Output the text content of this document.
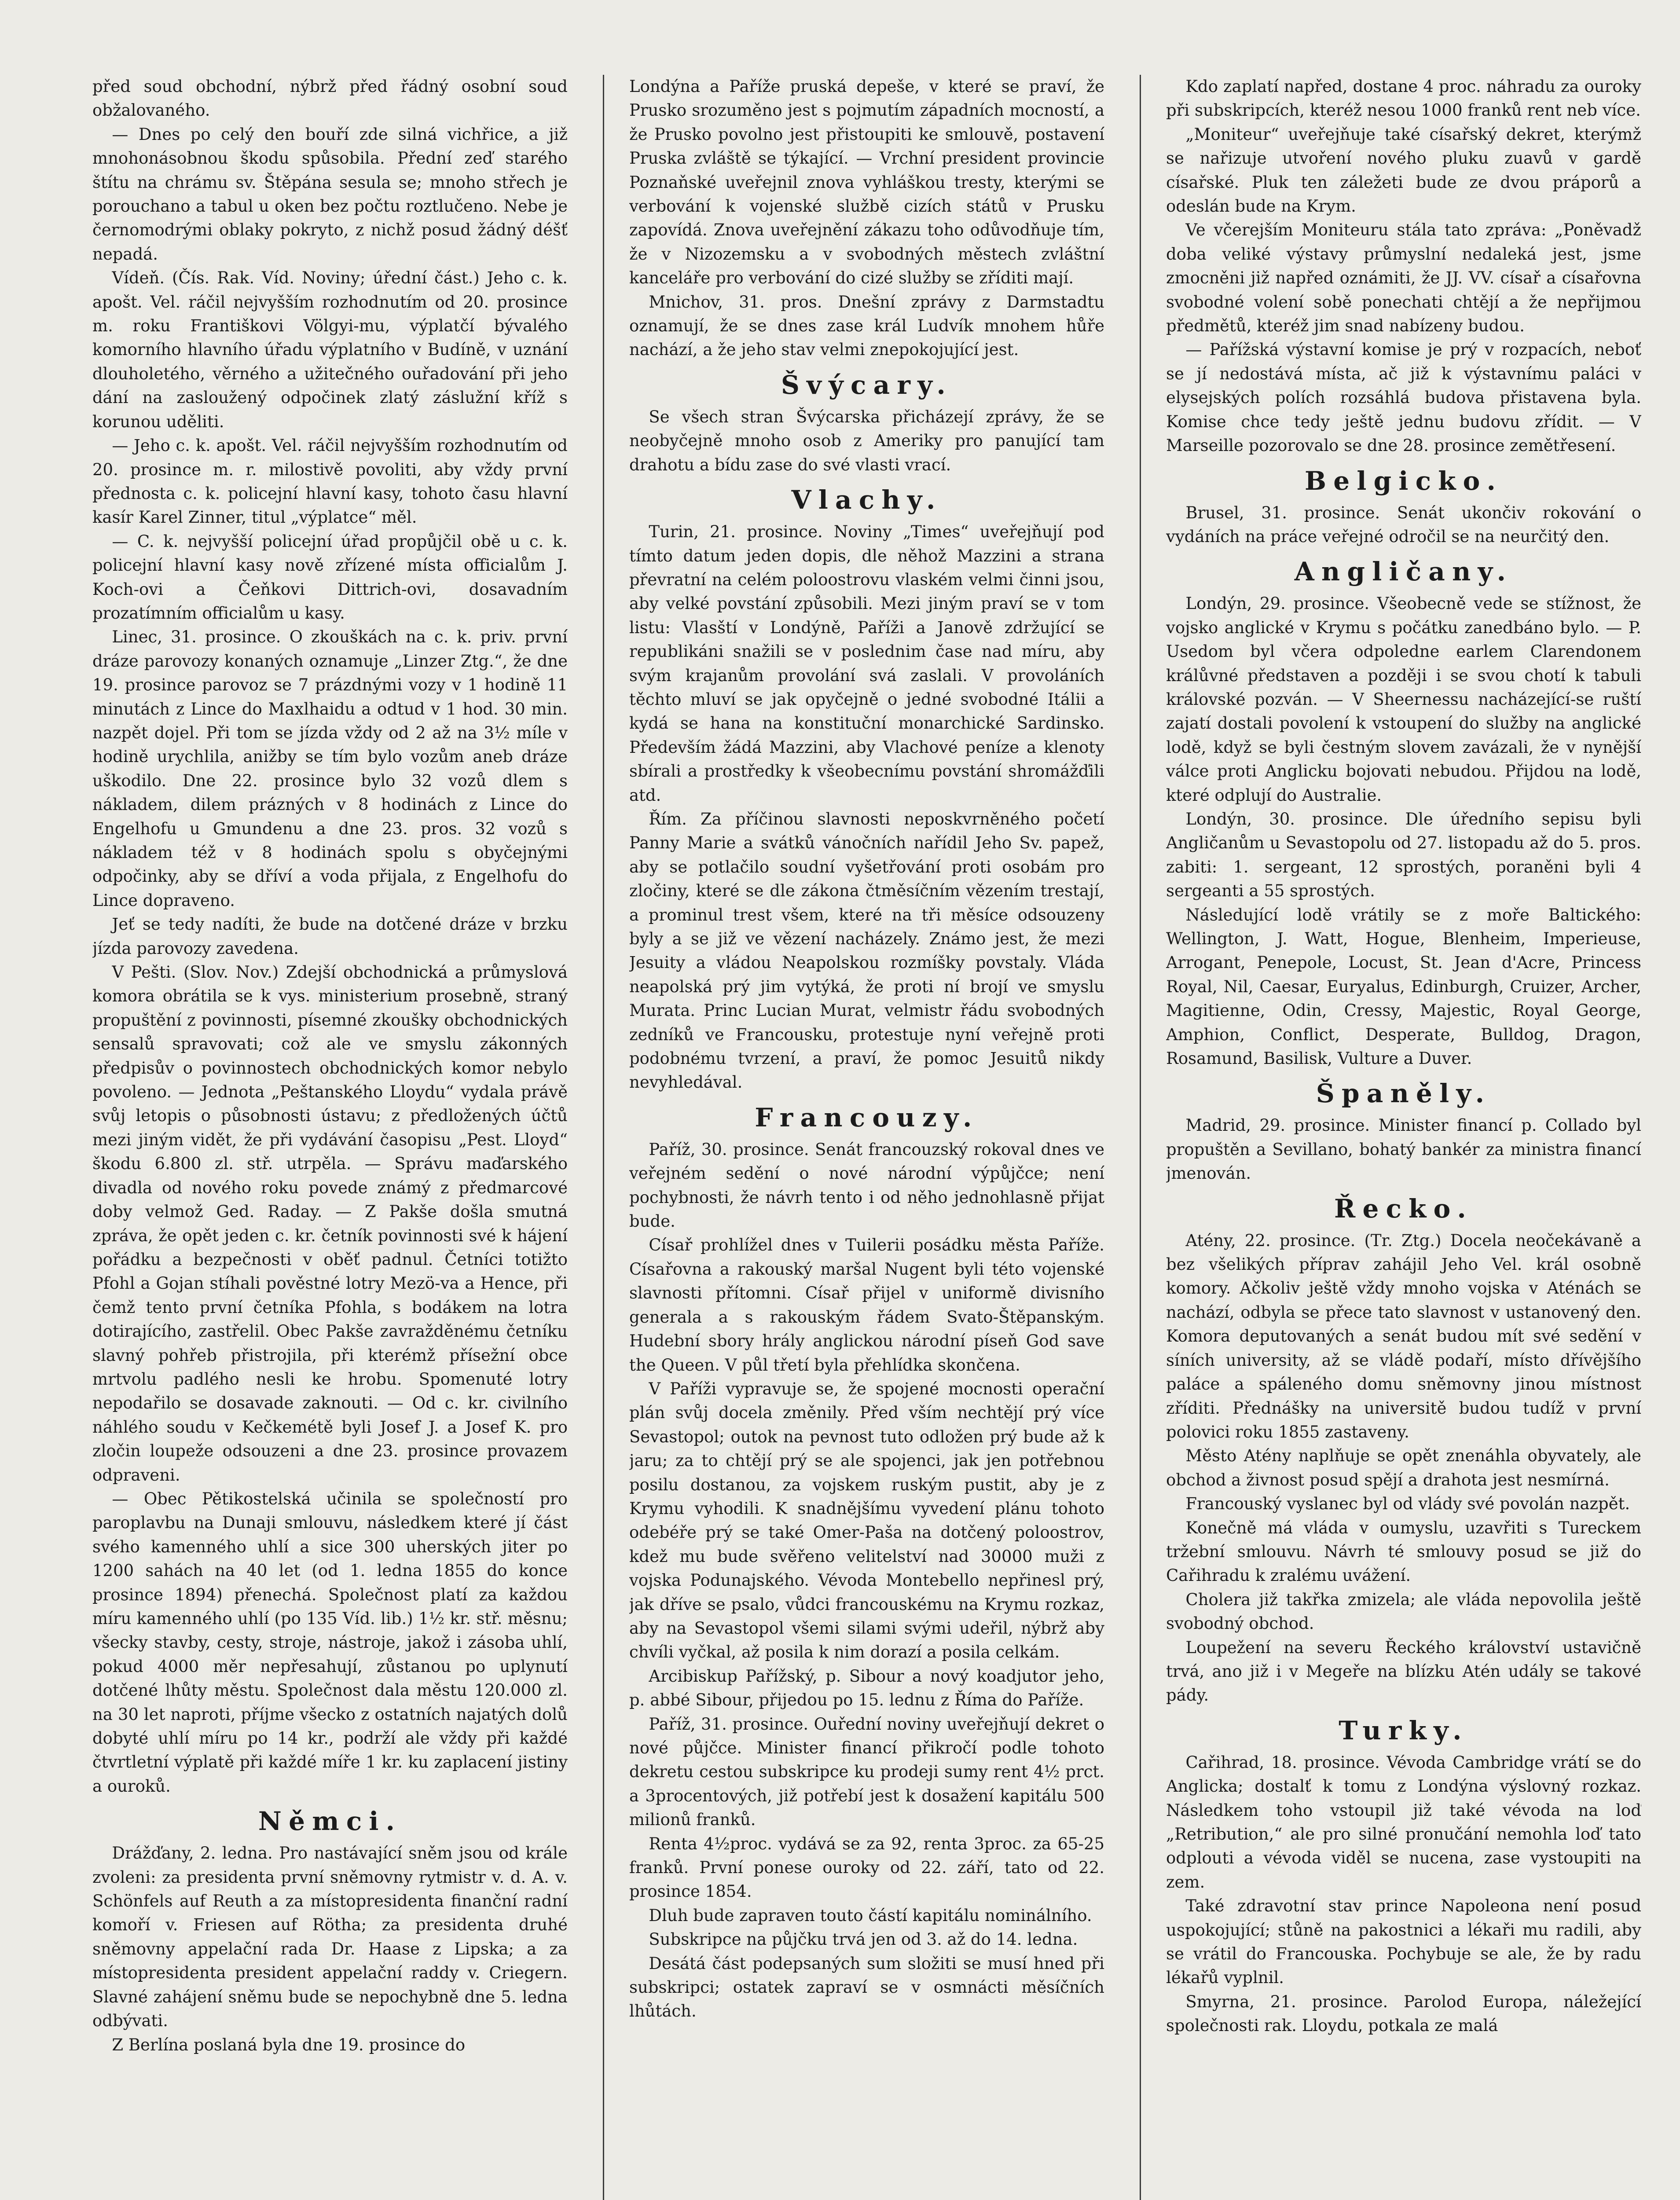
před soud obchodní, nýbrž před řádný osobní soud obžalovaného.

— Dnes po celý den bouří zde silná vichřice, a již mnohonásobnou škodu spůsobila. Přední zeď starého štítu na chrámu sv. Štěpána sesula se; mnoho střech je porouchano a tabul u oken bez počtu roztlučeno. Nebe je černomodrými oblaky pokryto, z nichž posud žádný déšť nepadá.

Vídeň. (Čís. Rak. Víd. Noviny; úřední část.) Jeho c. k. apošt. Vel. ráčil nejvyšším rozhodnutím od 20. prosince m. roku Františkovi Völgyi-mu, výplatčí bývalého komorního hlavního úřadu výplatního v Budíně, v uznání dlouholetého, věrného a užitečného ouřadování při jeho dání na zasloužený odpočinek zlatý záslužní kříž s korunou uděliti.

— Jeho c. k. apošt. Vel. ráčil nejvyšším rozhodnutím od 20. prosince m. r. milostivě povoliti, aby vždy první přednosta c. k. policejní hlavní kasy, tohoto času hlavní kasír Karel Zinner, titul „výplatce“ měl.

— C. k. nejvyšší policejní úřad propůjčil obě u c. k. policejní hlavní kasy nově zřízené místa officialům J. Koch-ovi a Čeňkovi Dittrich-ovi, dosavadním prozatímním officialům u kasy.

Linec, 31. prosince. O zkouškách na c. k. priv. první dráze parovozy konaných oznamuje „Linzer Ztg.“, že dne 19. prosince parovoz se 7 prázdnými vozy v 1 hodině 11 minutách z Lince do Maxlhaidu a odtud v 1 hod. 30 min. nazpět dojel. Při tom se jízda vždy od 2 až na 3½ míle v hodině urychlila, anižby se tím bylo vozům aneb dráze uškodilo. Dne 22. prosince bylo 32 vozů dlem s nákladem, dilem prázných v 8 hodinách z Lince do Engelhofu u Gmundenu a dne 23. pros. 32 vozů s nákladem též v 8 hodinách spolu s obyčejnými odpočinky, aby se dříví a voda přijala, z Engelhofu do Lince dopraveno.

Jeť se tedy nadíti, že bude na dotčené dráze v brzku jízda parovozy zavedena.

V Pešti. (Slov. Nov.) Zdejší obchodnická a průmyslová komora obrátila se k vys. ministerium prosebně, straný propuštění z povinnosti, písemné zkoušky obchodnických sensalů spravovati; což ale ve smyslu zákonných předpisův o povinnostech obchodnických komor nebylo povoleno. — Jednota „Peštanského Lloydu“ vydala právě svůj letopis o působnosti ústavu; z předložených účtů mezi jiným vidět, že při vydávání časopisu „Pest. Lloyd“ škodu 6.800 zl. stř. utrpěla. — Správu maďarského divadla od nového roku povede známý z předmarcové doby velmož Ged. Raday. — Z Pakše došla smutná zpráva, že opět jeden c. kr. četník povinnosti své k hájení pořádku a bezpečnosti v oběť padnul. Četníci totižto Pfohl a Gojan stíhali pověstné lotry Mezö-va a Hence, při čemž tento první četníka Pfohla, s bodákem na lotra dotirajícího, zastřelil. Obec Pakše zavražděnému četníku slavný pohřeb přistrojila, při kterémž přísežní obce mrtvolu padlého nesli ke hrobu. Spomenuté lotry nepodařilo se dosavade zaknouti. — Od c. kr. civilního náhlého soudu v Kečkemétě byli Josef J. a Josef K. pro zločin loupeže odsouzeni a dne 23. prosince provazem odpraveni.

— Obec Pětikostelská učinila se společností pro paroplavbu na Dunaji smlouvu, následkem které jí část svého kamenného uhlí a sice 300 uherských jiter po 1200 sahách na 40 let (od 1. ledna 1855 do konce prosince 1894) přenechá. Společnost platí za každou míru kamenného uhlí (po 135 Víd. lib.) 1½ kr. stř. měsnu; všecky stavby, cesty, stroje, nástroje, jakož i zásoba uhlí, pokud 4000 měr nepřesahují, zůstanou po uplynutí dotčené lhůty městu. Společnost dala městu 120.000 zl. na 30 let naproti, příjme všecko z ostatních najatých dolů dobyté uhlí míru po 14 kr., podrží ale vždy při každé čtvrtletní výplatě při každé míře 1 kr. ku zaplacení jistiny a ouroků.

Němci.

Drážďany, 2. ledna. Pro nastávající sněm jsou od krále zvoleni: za presidenta první sněmovny rytmistr v. d. A. v. Schönfels auf Reuth a za místopresidenta finanční radní komoří v. Friesen auf Rötha; za presidenta druhé sněmovny appelační rada Dr. Haase z Lipska; a za místopresidenta president appelační raddy v. Criegern. Slavné zahájení sněmu bude se nepochybně dne 5. ledna odbývati.

Z Berlína poslaná byla dne 19. prosince do

Londýna a Paříže pruská depeše, v které se praví, že Prusko srozuměno jest s pojmutím západních mocností, a že Prusko povolno jest přistoupiti ke smlouvě, postavení Pruska zvláště se týkající. — Vrchní president provincie Poznaňské uveřejnil znova vyhláškou tresty, kterými se verbování k vojenské službě cizích států v Prusku zapovídá. Znova uveřejnění zákazu toho odůvodňuje tím, že v Nizozemsku a v svobodných městech zvláštní kanceláře pro verbování do cizé služby se zříditi mají.

Mnichov, 31. pros. Dnešní zprávy z Darmstadtu oznamují, že se dnes zase král Ludvík mnohem hůře nachází, a že jeho stav velmi znepokojující jest.

Švýcary.

Se všech stran Švýcarska přicházejí zprávy, že se neobyčejně mnoho osob z Ameriky pro panující tam drahotu a bídu zase do své vlasti vrací.

Vlachy.

Turin, 21. prosince. Noviny „Times“ uveřejňují pod tímto datum jeden dopis, dle něhož Mazzini a strana převratní na celém poloostrovu vlaském velmi činni jsou, aby velké povstání způsobili. Mezi jiným praví se v tom listu: Vlasští v Londýně, Paříži a Janově zdržující se republikáni snažili se v poslednim čase nad míru, aby svým krajanům provolání svá zaslali. V provoláních těchto mluví se jak opyčejně o jedné svobodné Itálii a kydá se hana na konstituční monarchické Sardinsko. Především žádá Mazzini, aby Vlachové peníze a klenoty sbírali a prostředky k všeobecnímu povstání shromážďili atd.

Řím. Za příčinou slavnosti neposkvrněného početí Panny Marie a svátků vánočních nařídil Jeho Sv. papež, aby se potlačilo soudní vyšetřování proti osobám pro zločiny, které se dle zákona čtměsíčním vězením trestají, a prominul trest všem, které na tři měsíce odsouzeny byly a se již ve vězení nacházely. Známo jest, že mezi Jesuity a vládou Neapolskou rozmíšky povstaly. Vláda neapolská prý jim vytýká, že proti ní brojí ve smyslu Murata. Princ Lucian Murat, velmistr řádu svobodných zedníků ve Francousku, protestuje nyní veřejně proti podobnému tvrzení, a praví, že pomoc Jesuitů nikdy nevyhledával.

Francouzy.

Paříž, 30. prosince. Senát francouzský rokoval dnes ve veřejném sedění o nové národní výpůjčce; není pochybnosti, že návrh tento i od něho jednohlasně přijat bude.

Císař prohlížel dnes v Tuilerii posádku města Paříže. Císařovna a rakouský maršal Nugent byli této vojenské slavnosti přítomni. Císař přijel v uniformě divisního generala a s rakouským řádem Svato-Štěpanským. Hudební sbory hrály anglickou národní píseň God save the Queen. V půl třetí byla přehlídka skončena.

V Paříži vypravuje se, že spojené mocnosti operační plán svůj docela změnily. Před vším nechtějí prý více Sevastopol; outok na pevnost tuto odložen prý bude až k jaru; za to chtějí prý se ale spojenci, jak jen potřebnou posilu dostanou, za vojskem ruským pustit, aby je z Krymu vyhodili. K snadnějšímu vyvedení plánu tohoto odebéře prý se také Omer-Paša na dotčený poloostrov, kdež mu bude svěřeno velitelství nad 30000 muži z vojska Podunajského. Vévoda Montebello nepřinesl prý, jak dříve se psalo, vůdci francouskému na Krymu rozkaz, aby na Sevastopol všemi silami svými udeřil, nýbrž aby chvíli vyčkal, až posila k nim dorazí a posila celkám.

Arcibiskup Pařížský, p. Sibour a nový koadjutor jeho, p. abbé Sibour, přijedou po 15. lednu z Říma do Paříže.

Paříž, 31. prosince. Ouřední noviny uveřejňují dekret o nové půjčce. Minister financí přikročí podle tohoto dekretu cestou subskripce ku prodeji sumy rent 4½ prct. a 3procentových, již potřebí jest k dosažení kapitálu 500 milionů franků.

Renta 4½proc. vydává se za 92, renta 3proc. za 65-25 franků. První ponese ouroky od 22. září, tato od 22. prosince 1854.

Dluh bude zapraven touto částí kapitálu nominálního.

Subskripce na půjčku trvá jen od 3. až do 14. ledna.

Desátá část podepsaných sum složiti se musí hned při subskripci; ostatek zapraví se v osmnácti měsíčních lhůtách.

Kdo zaplatí napřed, dostane 4 proc. náhradu za ouroky při subskripcích, kteréž nesou 1000 franků rent neb více.

„Moniteur“ uveřejňuje také císařský dekret, kterýmž se nařizuje utvoření nového pluku zuavů v gardě císařské. Pluk ten záležeti bude ze dvou práporů a odeslán bude na Krym.

Ve včerejším Moniteuru stála tato zpráva: „Poněvadž doba veliké výstavy průmyslní nedaleká jest, jsme zmocněni již napřed oznámiti, že JJ. VV. císař a císařovna svobodné volení sobě ponechati chtějí a že nepřijmou předmětů, kteréž jim snad nabízeny budou.

— Pařížská výstavní komise je prý v rozpacích, neboť se jí nedostává místa, ač již k výstavnímu paláci v elysejských polích rozsáhlá budova přistavena byla. Komise chce tedy ještě jednu budovu zřídit. — V Marseille pozorovalo se dne 28. prosince zemětřesení.

Belgicko.

Brusel, 31. prosince. Senát ukončiv rokování o vydáních na práce veřejné odročil se na neurčitý den.

Angličany.

Londýn, 29. prosince. Všeobecně vede se stížnost, že vojsko anglické v Krymu s počátku zanedbáno bylo. — P. Usedom byl včera odpoledne earlem Clarendonem králůvné představen a později i se svou chotí k tabuli královské pozván. — V Sheernessu nacházející-se ruští zajatí dostali povolení k vstoupení do služby na anglické lodě, když se byli čestným slovem zavázali, že v nynější válce proti Anglicku bojovati nebudou. Přijdou na lodě, které odplují do Australie.

Londýn, 30. prosince. Dle úředního sepisu byli Angličanům u Sevastopolu od 27. listopadu až do 5. pros. zabiti: 1. sergeant, 12 sprostých, poraněni byli 4 sergeanti a 55 sprostých.

Následující lodě vrátily se z moře Baltického: Wellington, J. Watt, Hogue, Blenheim, Imperieuse, Arrogant, Penepole, Locust, St. Jean d'Acre, Princess Royal, Nil, Caesar, Euryalus, Edinburgh, Cruizer, Archer, Magitienne, Odin, Cressy, Majestic, Royal George, Amphion, Conflict, Desperate, Bulldog, Dragon, Rosamund, Basilisk, Vulture a Duver.

Španěly.

Madrid, 29. prosince. Minister financí p. Collado byl propuštěn a Sevillano, bohatý bankér za ministra financí jmenován.

Řecko.

Atény, 22. prosince. (Tr. Ztg.) Docela neočekávaně a bez všelikých příprav zahájil Jeho Vel. král osobně komory. Ačkoliv ještě vždy mnoho vojska v Aténách se nachází, odbyla se přece tato slavnost v ustanovený den. Komora deputovaných a senát budou mít své sedění v síních university, až se vládě podaří, místo dřívějšího paláce a spáleného domu sněmovny jinou místnost zříditi. Přednášky na universitě budou tudíž v první polovici roku 1855 zastaveny.

Město Atény naplňuje se opět znenáhla obyvately, ale obchod a živnost posud spějí a drahota jest nesmírná.

Francouský vyslanec byl od vlády své povolán nazpět.

Konečně má vláda v oumyslu, uzavřiti s Tureckem tržební smlouvu. Návrh té smlouvy posud se již do Cařihradu k zralému uvážení.

Cholera již takřka zmizela; ale vláda nepovolila ještě svobodný obchod.

Loupežení na severu Řeckého království ustavičně trvá, ano již i v Megeře na blízku Atén udály se takové pády.

Turky.

Cařihrad, 18. prosince. Vévoda Cambridge vrátí se do Anglicka; dostalť k tomu z Londýna výslovný rozkaz. Následkem toho vstoupil již také vévoda na loď „Retribution,“ ale pro silné pronučání nemohla loď tato odplouti a vévoda viděl se nucena, zase vystoupiti na zem.

Také zdravotní stav prince Napoleona není posud uspokojující; stůně na pakostnici a lékaři mu radili, aby se vrátil do Francouska. Pochybuje se ale, že by radu lékařů vyplnil.

Smyrna, 21. prosince. Parolod Europa, náležející společnosti rak. Lloydu, potkala ze malá
